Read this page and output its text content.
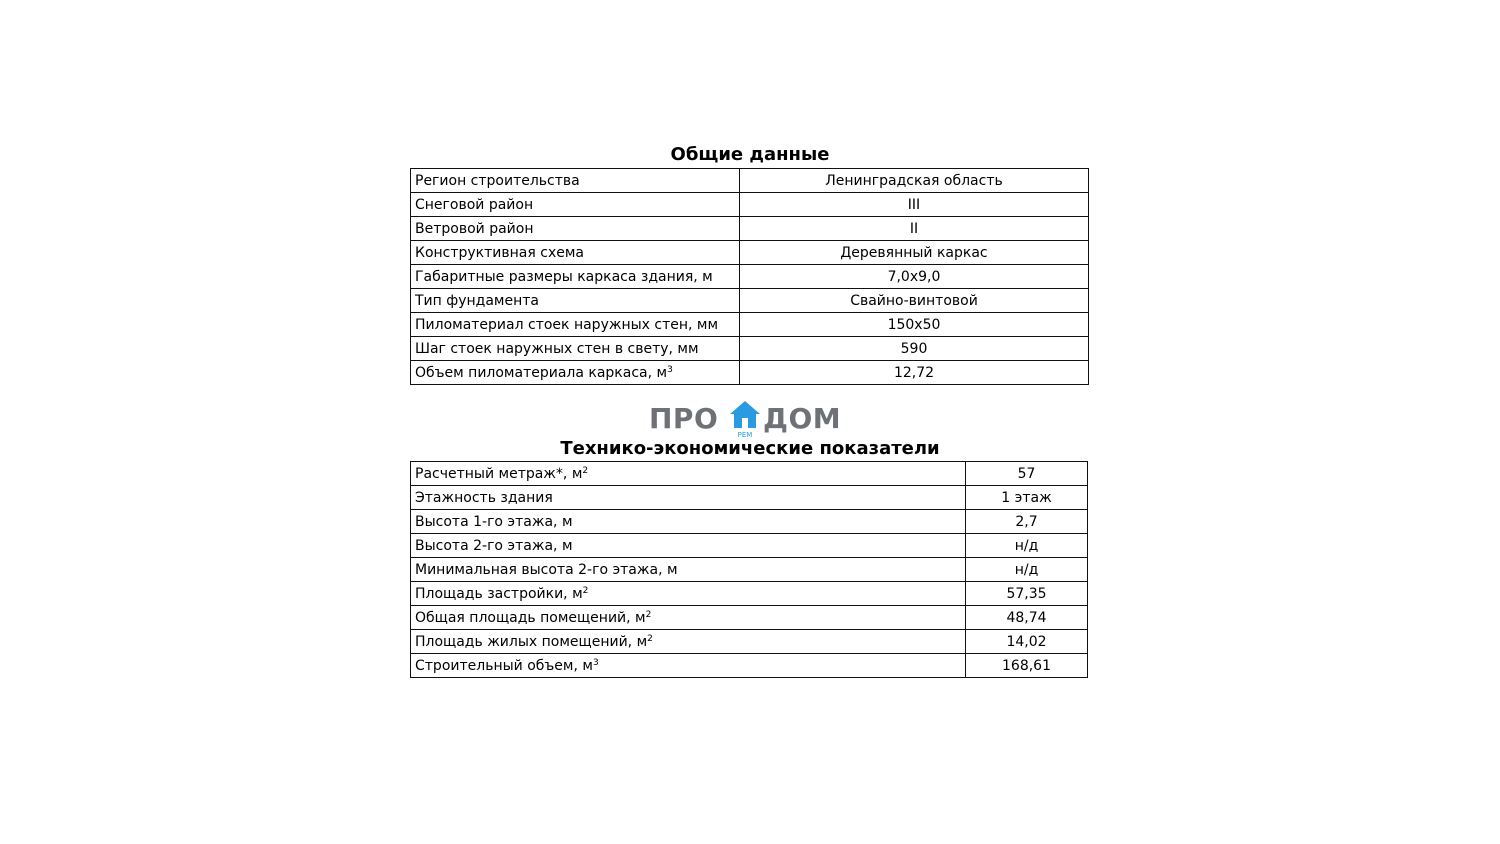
Общие данные
Регион строительства	Ленинградская область
Снеговой район	III
Ветровой район	II
Конструктивная схема	Деревянный каркас
Габаритные размеры каркаса здания, м	7,0x9,0
Тип фундамента	Свайно-винтовой
Пиломатериал стоек наружных стен, мм	150x50
Шаг стоек наружных стен в свету, мм	590
Объем пиломатериала каркаса, $м^3$	12,72
ПРО	РЕМ ДОМ
Технико-экономические показатели
Расчетный метраж*, $м^2$	57
Этажность здания	1 этаж
Высота 1-го этажа, м	2,7
Высота 2-го этажа, м	н/д
Минимальная высота 2-го этажа, м	н/д
Площадь застройки, $м^2$	57,35
Общая площадь помещений, $м^2$	48,74
Площадь жилых помещений, $м^2$	14,02
Строительный объем, $м^3$	168,61
